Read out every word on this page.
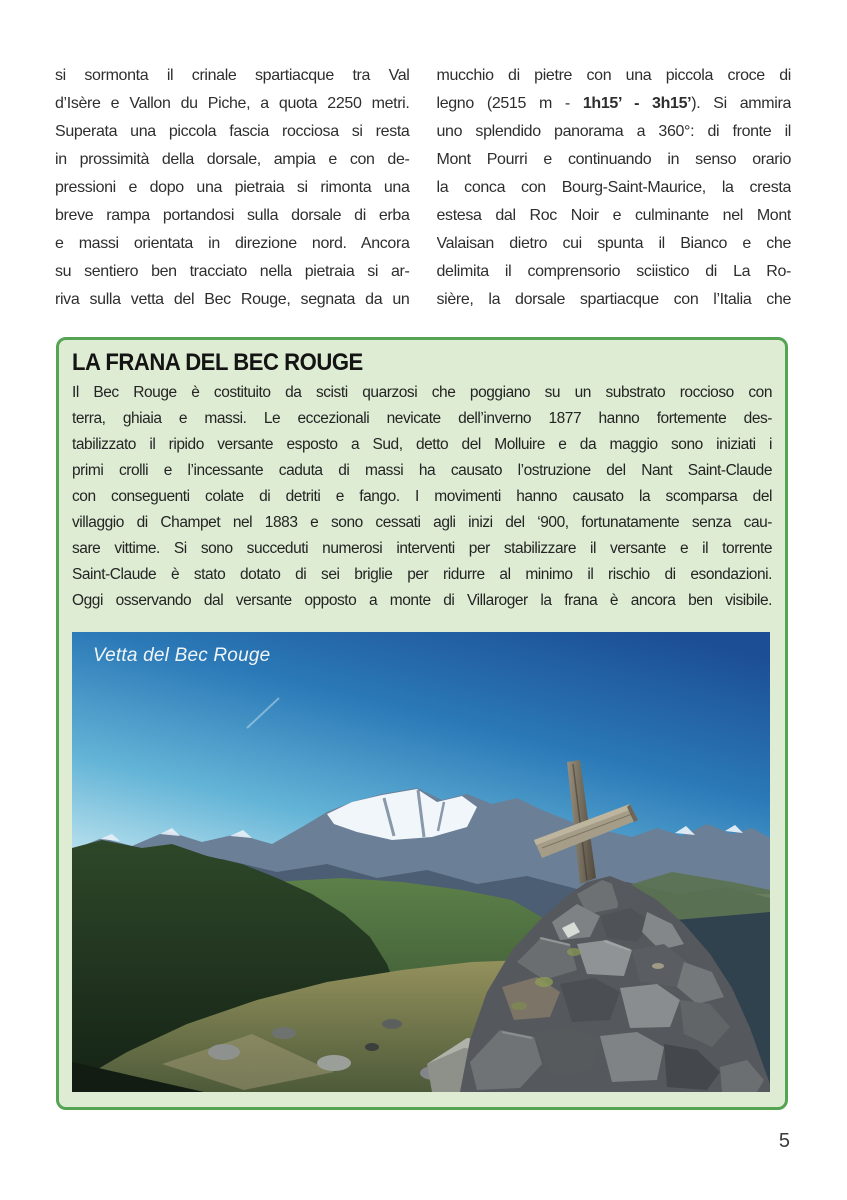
si sormonta il crinale spartiacque tra Val
d’Isère e Vallon du Piche, a quota 2250 metri.
Superata una piccola fascia rocciosa si resta
in prossimità della dorsale, ampia e con de-
pressioni e dopo una pietraia si rimonta una
breve rampa portandosi sulla dorsale di erba
e massi orientata in direzione nord. Ancora
su sentiero ben tracciato nella pietraia si ar-
riva sulla vetta del Bec Rouge, segnata da un
mucchio di pietre con una piccola croce di
legno (2515 m - 1h15’ - 3h15’). Si ammira
uno splendido panorama a 360°: di fronte il
Mont Pourri e continuando in senso orario
la conca con Bourg-Saint-Maurice, la cresta
estesa dal Roc Noir e culminante nel Mont
Valaisan dietro cui spunta il Bianco e che
delimita il comprensorio sciistico di La Ro-
sière, la dorsale spartiacque con l’Italia che
LA FRANA DEL BEC ROUGE
Il Bec Rouge è costituito da scisti quarzosi che poggiano su un substrato roccioso con
terra, ghiaia e massi. Le eccezionali nevicate dell’inverno 1877 hanno fortemente des-
tabilizzato il ripido versante esposto a Sud, detto del Molluire e da maggio sono iniziati i
primi crolli e l’incessante caduta di massi ha causato l’ostruzione del Nant Saint-Claude
con conseguenti colate di detriti e fango. I movimenti hanno causato la scomparsa del
villaggio di Champet nel 1883 e sono cessati agli inizi del ‘900, fortunatamente senza cau-
sare vittime. Si sono succeduti numerosi interventi per stabilizzare il versante e il torrente
Saint-Claude è stato dotato di sei briglie per ridurre al minimo il rischio di esondazioni.
Oggi osservando dal versante opposto a monte di Villaroger la frana è ancora ben visibile.
Vetta del Bec Rouge
5
